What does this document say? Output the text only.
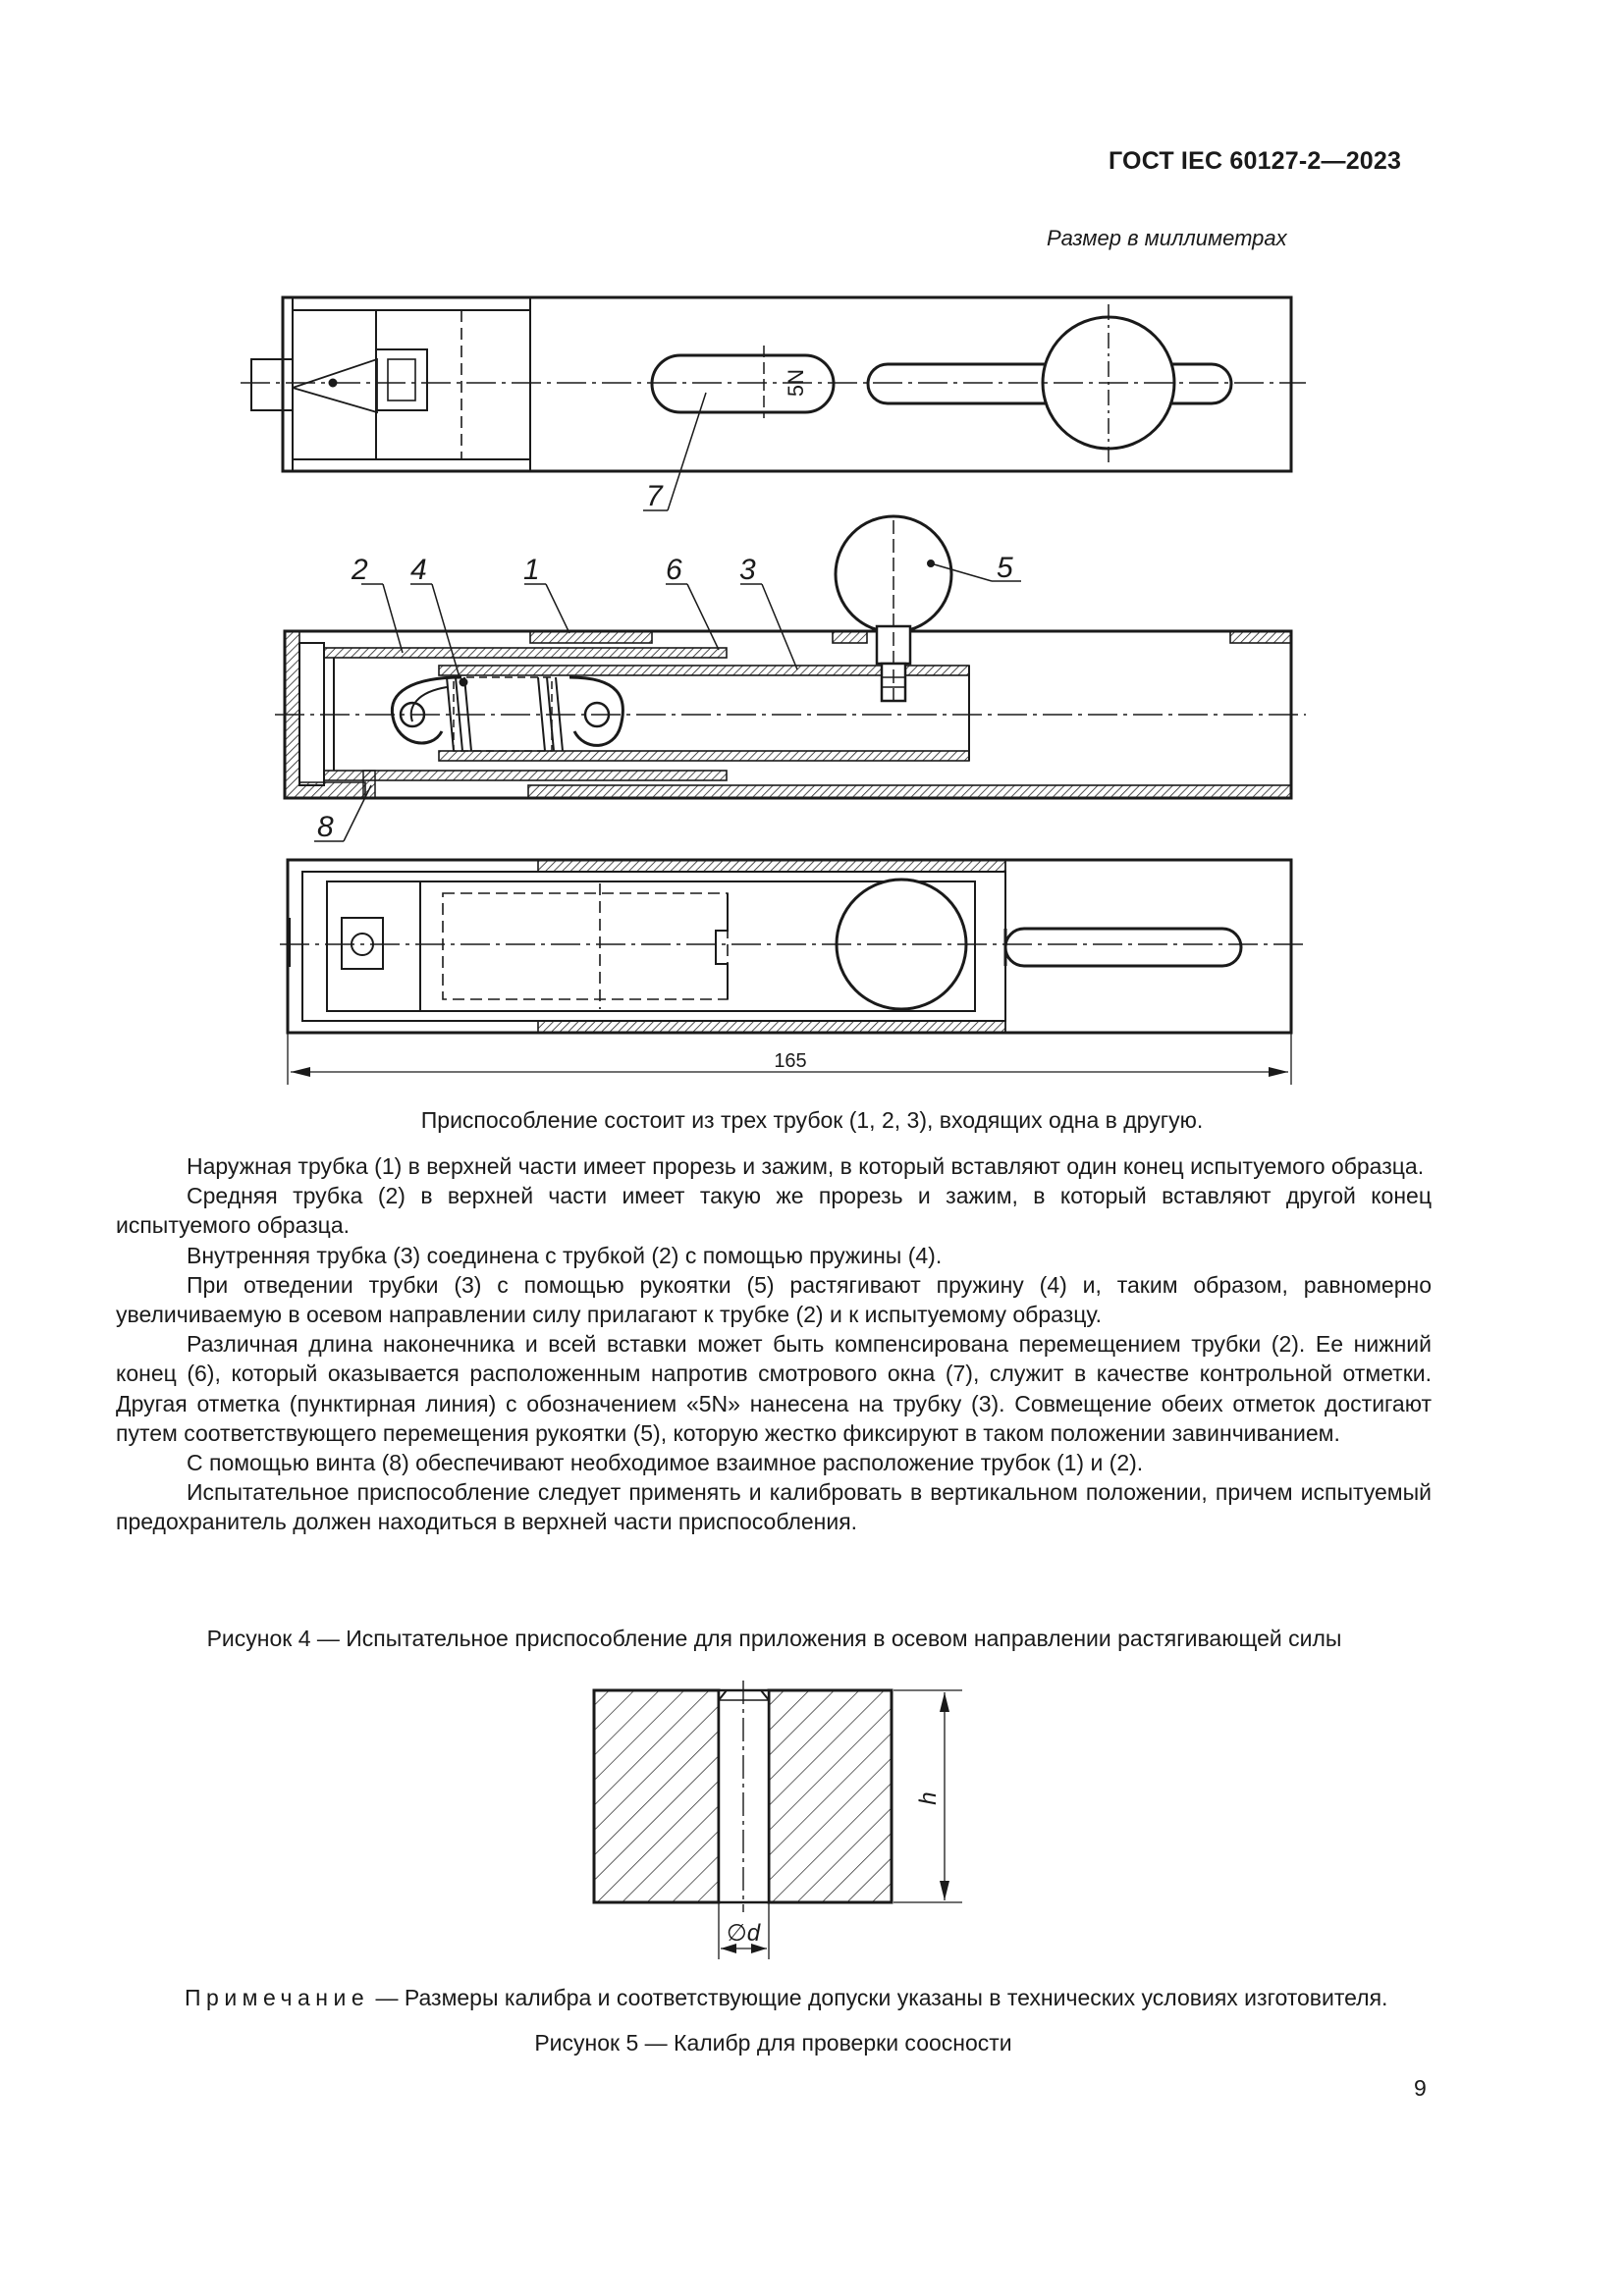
ГОСТ IEC 60127-2—2023
Размер в миллиметрах
5N
7
2 4	1	6 3	5
8
165
Приспособление состоит из трех трубок (1, 2, 3), входящих одна в другую.

Наружная трубка (1) в верхней части имеет прорезь и зажим, в который вставляют один конец испытуемого образца.

Средняя трубка (2) в верхней части имеет такую же прорезь и зажим, в который вставляют другой конец испытуемого образца.

Внутренняя трубка (3) соединена с трубкой (2) с помощью пружины (4).

При отведении трубки (3) с помощью рукоятки (5) растягивают пружину (4) и, таким образом, равномерно увеличиваемую в осевом направлении силу прилагают к трубке (2) и к испытуемому образцу.

Различная длина наконечника и всей вставки может быть компенсирована перемещением трубки (2). Ее нижний конец (6), который оказывается расположенным напротив смотрового окна (7), служит в качестве контрольной отметки. Другая отметка (пунктирная линия) с обозначением «5N» нанесена на трубку (3). Совмещение обеих отметок достигают путем соответствующего перемещения рукоятки (5), которую жестко фиксируют в таком положении завинчиванием.

С помощью винта (8) обеспечивают необходимое взаимное расположение трубок (1) и (2).

Испытательное приспособление следует применять и калибровать в вертикальном положении, причем испытуемый предохранитель должен находиться в верхней части приспособления.

Рисунок 4 — Испытательное приспособление для приложения в осевом направлении растягивающей силы
h
∅d
Примечание — Размеры калибра и соответствующие допуски указаны в технических условиях изготовителя.
Рисунок 5 — Калибр для проверки соосности
9
